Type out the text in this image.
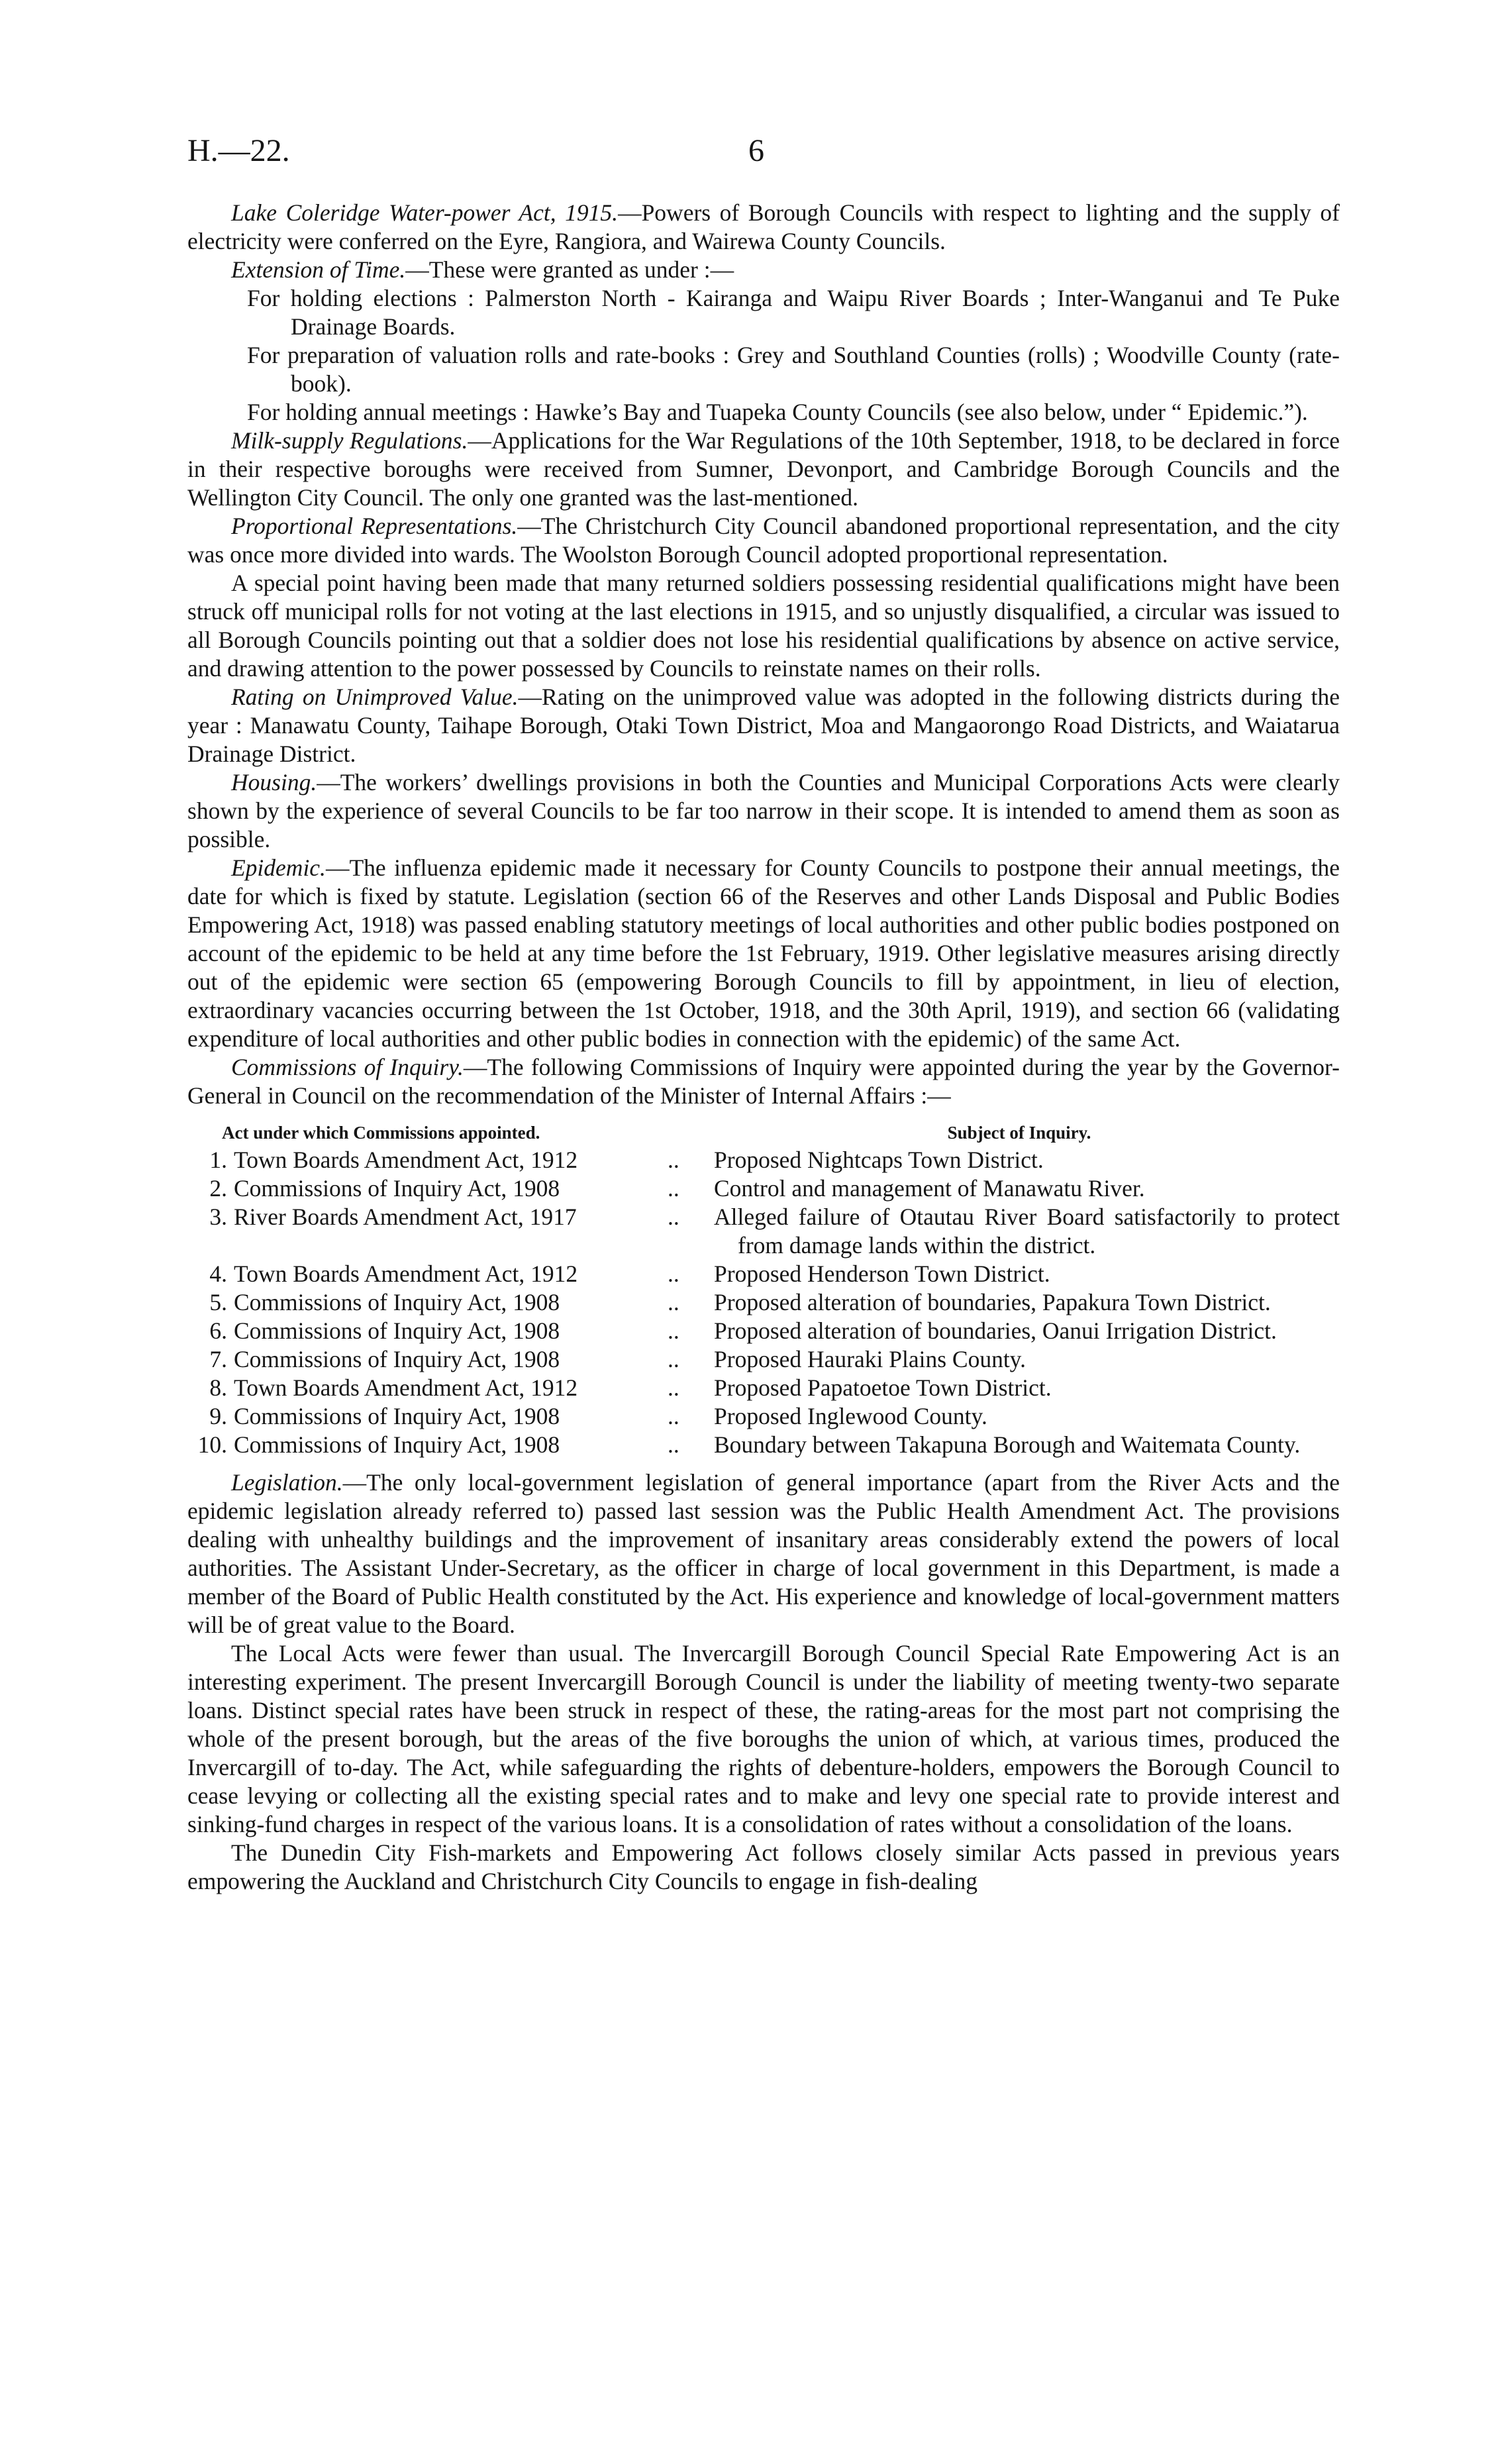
H.—22.	6

Lake Coleridge Water-power Act, 1915.—Powers of Borough Councils with respect to lighting and the supply of electricity were conferred on the Eyre, Rangiora, and Wairewa County Councils.

Extension of Time.—These were granted as under :—

For holding elections : Palmerston North - Kairanga and Waipu River Boards ; Inter-Wanganui and Te Puke Drainage Boards.
For preparation of valuation rolls and rate-books : Grey and Southland Counties (rolls) ; Woodville County (rate-book).
For holding annual meetings : Hawke’s Bay and Tuapeka County Councils (see also below, under “ Epidemic.”).

Milk-supply Regulations.—Applications for the War Regulations of the 10th September, 1918, to be declared in force in their respective boroughs were received from Sumner, Devonport, and Cambridge Borough Councils and the Wellington City Council. The only one granted was the last-mentioned.

Proportional Representations.—The Christchurch City Council abandoned proportional representation, and the city was once more divided into wards. The Woolston Borough Council adopted proportional representation.

A special point having been made that many returned soldiers possessing residential qualifications might have been struck off municipal rolls for not voting at the last elections in 1915, and so unjustly disqualified, a circular was issued to all Borough Councils pointing out that a soldier does not lose his residential qualifications by absence on active service, and drawing attention to the power possessed by Councils to reinstate names on their rolls.

Rating on Unimproved Value.—Rating on the unimproved value was adopted in the following districts during the year : Manawatu County, Taihape Borough, Otaki Town District, Moa and Mangaorongo Road Districts, and Waiatarua Drainage District.

Housing.—The workers’ dwellings provisions in both the Counties and Municipal Corporations Acts were clearly shown by the experience of several Councils to be far too narrow in their scope. It is intended to amend them as soon as possible.

Epidemic.—The influenza epidemic made it necessary for County Councils to postpone their annual meetings, the date for which is fixed by statute. Legislation (section 66 of the Reserves and other Lands Disposal and Public Bodies Empowering Act, 1918) was passed enabling statutory meetings of local authorities and other public bodies postponed on account of the epidemic to be held at any time before the 1st February, 1919. Other legislative measures arising directly out of the epidemic were section 65 (empowering Borough Councils to fill by appointment, in lieu of election, extraordinary vacancies occurring between the 1st October, 1918, and the 30th April, 1919), and section 66 (validating expenditure of local authorities and other public bodies in connection with the epidemic) of the same Act.

Commissions of Inquiry.—The following Commissions of Inquiry were appointed during the year by the Governor-General in Council on the recommendation of the Minister of Internal Affairs :—

Act under which Commissions appointed.	Subject of Inquiry.
1. Town Boards Amendment Act, 1912	..	Proposed Nightcaps Town District.
2. Commissions of Inquiry Act, 1908	..	Control and management of Manawatu River.
3. River Boards Amendment Act, 1917	..	Alleged failure of Otautau River Board satisfactorily to protect from damage lands within the district.
4. Town Boards Amendment Act, 1912	..	Proposed Henderson Town District.
5. Commissions of Inquiry Act, 1908	..	Proposed alteration of boundaries, Papakura Town District.
6. Commissions of Inquiry Act, 1908	..	Proposed alteration of boundaries, Oanui Irrigation District.
7. Commissions of Inquiry Act, 1908	..	Proposed Hauraki Plains County.
8. Town Boards Amendment Act, 1912	..	Proposed Papatoetoe Town District.
9. Commissions of Inquiry Act, 1908	..	Proposed Inglewood County.
10. Commissions of Inquiry Act, 1908	..	Boundary between Takapuna Borough and Waitemata County.

Legislation.—The only local-government legislation of general importance (apart from the River Acts and the epidemic legislation already referred to) passed last session was the Public Health Amendment Act. The provisions dealing with unhealthy buildings and the improvement of insanitary areas considerably extend the powers of local authorities. The Assistant Under-Secretary, as the officer in charge of local government in this Department, is made a member of the Board of Public Health constituted by the Act. His experience and knowledge of local-government matters will be of great value to the Board.

The Local Acts were fewer than usual. The Invercargill Borough Council Special Rate Empowering Act is an interesting experiment. The present Invercargill Borough Council is under the liability of meeting twenty-two separate loans. Distinct special rates have been struck in respect of these, the rating-areas for the most part not comprising the whole of the present borough, but the areas of the five boroughs the union of which, at various times, produced the Invercargill of to-day. The Act, while safeguarding the rights of debenture-holders, empowers the Borough Council to cease levying or collecting all the existing special rates and to make and levy one special rate to provide interest and sinking-fund charges in respect of the various loans. It is a consolidation of rates without a consolidation of the loans.

The Dunedin City Fish-markets and Empowering Act follows closely similar Acts passed in previous years empowering the Auckland and Christchurch City Councils to engage in fish-dealing
